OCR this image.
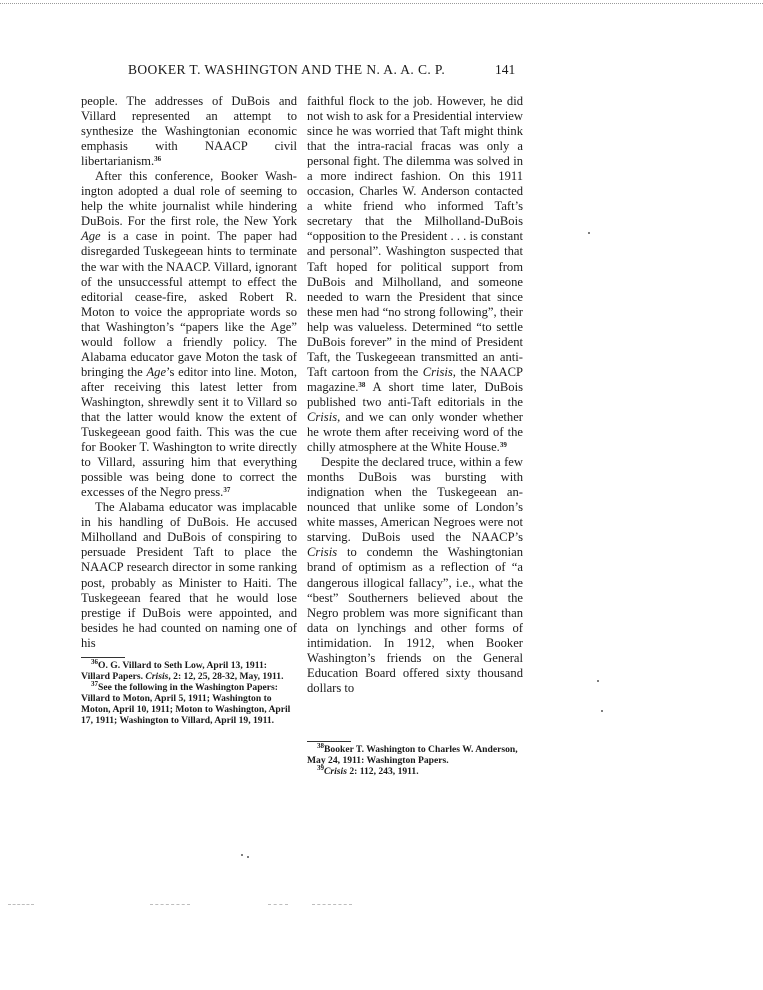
BOOKER T. WASHINGTON AND THE N. A. A. C. P.	141

people. The addresses of DuBois and Villard represented an attempt to synthesize the Washingtonian economic emphasis with NAACP civil libertarianism.$^{36}$

After this conference, Booker Washington adopted a dual role of seeming to help the white journalist while hindering DuBois. For the first role, the New York Age is a case in point. The paper had disregarded Tuskegeean hints to terminate the war with the NAACP. Villard, ignorant of the unsuccessful attempt to effect the editorial cease-fire, asked Robert R. Moton to voice the appropriate words so that Washington’s “papers like the Age” would follow a friendly policy. The Alabama educator gave Moton the task of bringing the Age’s editor into line. Moton, after receiving this latest letter from Washington, shrewdly sent it to Villard so that the latter would know the extent of Tuskegeean good faith. This was the cue for Booker T. Washington to write directly to Villard, assuring him that everything possible was being done to correct the excesses of the Negro press.$^{37}$

The Alabama educator was implacable in his handling of DuBois. He accused Milholland and DuBois of conspiring to persuade President Taft to place the NAACP research director in some ranking post, probably as Minister to Haiti. The Tuskegeean feared that he would lose prestige if DuBois were appointed, and besides he had counted on naming one of his

$^{36}$O. G. Villard to Seth Low, April 13, 1911: Villard Papers. Crisis, 2: 12, 25, 28-32, May, 1911.

$^{37}$See the following in the Washington Papers: Villard to Moton, April 5, 1911; Washington to Moton, April 10, 1911; Moton to Washington, April 17, 1911; Washington to Villard, April 19, 1911.

faithful flock to the job. However, he did not wish to ask for a Presidential interview since he was worried that Taft might think that the intra-racial fracas was only a personal fight. The dilemma was solved in a more indirect fashion. On this 1911 occasion, Charles W. Anderson contacted a white friend who informed Taft’s secretary that the Milholland-DuBois “opposition to the President . . . is constant and personal”. Washington suspected that Taft hoped for political support from DuBois and Milholland, and someone needed to warn the President that since these men had “no strong following”, their help was valueless. Determined “to settle DuBois forever” in the mind of President Taft, the Tuskegeean transmitted an anti-Taft cartoon from the Crisis, the NAACP magazine.$^{38}$ A short time later, DuBois published two anti-Taft editorials in the Crisis, and we can only wonder whether he wrote them after receiving word of the chilly atmosphere at the White House.$^{39}$

Despite the declared truce, within a few months DuBois was bursting with indignation when the Tuskegeean announced that unlike some of London’s white masses, American Negroes were not starving. DuBois used the NAACP’s Crisis to condemn the Washingtonian brand of optimism as a reflection of “a dangerous illogical fallacy”, i.e., what the “best” Southerners believed about the Negro problem was more significant than data on lynchings and other forms of intimidation. In 1912, when Booker Washington’s friends on the General Education Board offered sixty thousand dollars to

$^{38}$Booker T. Washington to Charles W. Anderson, May 24, 1911: Washington Papers.

$^{39}$Crisis 2: 112, 243, 1911.
